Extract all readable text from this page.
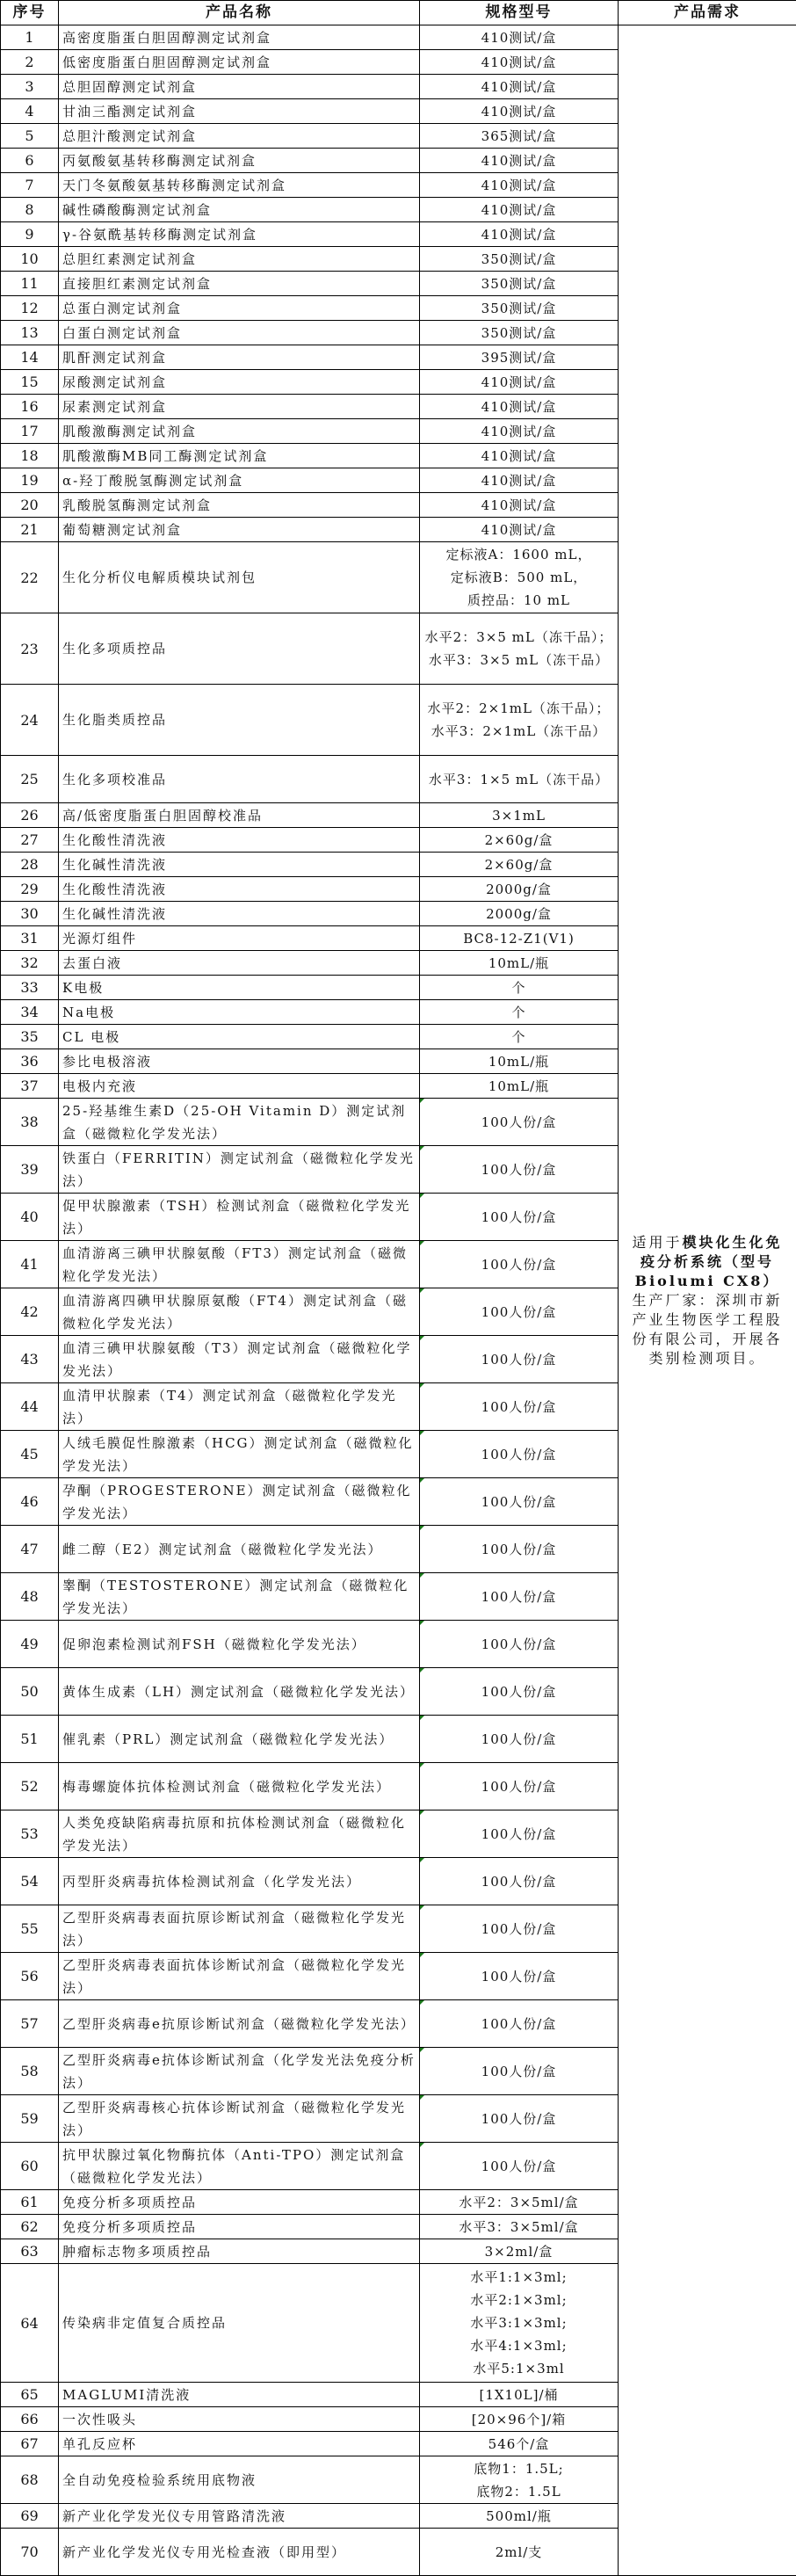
序号	产品名称	规格型号	产品需求
1	高密度脂蛋白胆固醇测定试剂盒	410测试/盒	适用于模块化生化免疫分析系统（型号Biolumi CX8）生产厂家：深圳市新产业生物医学工程股份有限公司，开展各类别检测项目。
2	低密度脂蛋白胆固醇测定试剂盒	410测试/盒	
3	总胆固醇测定试剂盒	410测试/盒	
4	甘油三酯测定试剂盒	410测试/盒	
5	总胆汁酸测定试剂盒	365测试/盒	
6	丙氨酸氨基转移酶测定试剂盒	410测试/盒	
7	天门冬氨酸氨基转移酶测定试剂盒	410测试/盒	
8	碱性磷酸酶测定试剂盒	410测试/盒	
9	γ-谷氨酰基转移酶测定试剂盒	410测试/盒	
10	总胆红素测定试剂盒	350测试/盒	
11	直接胆红素测定试剂盒	350测试/盒	
12	总蛋白测定试剂盒	350测试/盒	
13	白蛋白测定试剂盒	350测试/盒	
14	肌酐测定试剂盒	395测试/盒	
15	尿酸测定试剂盒	410测试/盒	
16	尿素测定试剂盒	410测试/盒	
17	肌酸激酶测定试剂盒	410测试/盒	
18	肌酸激酶MB同工酶测定试剂盒	410测试/盒	
19	α-羟丁酸脱氢酶测定试剂盒	410测试/盒	
20	乳酸脱氢酶测定试剂盒	410测试/盒	
21	葡萄糖测定试剂盒	410测试/盒	
22	生化分析仪电解质模块试剂包	定标液A：1600 mL，
定标液B：500 mL，
质控品：10 mL	
23	生化多项质控品	水平2：3×5 mL（冻干品）；水平3：3×5 mL（冻干品）	
24	生化脂类质控品	水平2：2×1mL（冻干品）；水平3：2×1mL（冻干品）	
25	生化多项校准品	水平3：1×5 mL（冻干品）	
26	高/低密度脂蛋白胆固醇校准品	3×1mL	
27	生化酸性清洗液	2×60g/盒	
28	生化碱性清洗液	2×60g/盒	
29	生化酸性清洗液	2000g/盒	
30	生化碱性清洗液	2000g/盒	
31	光源灯组件	BC8-12-Z1(V1)	
32	去蛋白液	10mL/瓶	
33	K电极	个	
34	Na电极	个	
35	CL 电极	个	
36	参比电极溶液	10mL/瓶	
37	电极内充液	10mL/瓶	
38	25-羟基维生素D（25-OH Vitamin D）测定试剂盒（磁微粒化学发光法）	100人份/盒	
39	铁蛋白（FERRITIN）测定试剂盒（磁微粒化学发光法）	100人份/盒	
40	促甲状腺激素（TSH）检测试剂盒（磁微粒化学发光法）	100人份/盒	
41	血清游离三碘甲状腺氨酸（FT3）测定试剂盒（磁微粒化学发光法）	100人份/盒	
42	血清游离四碘甲状腺原氨酸（FT4）测定试剂盒（磁微粒化学发光法）	100人份/盒	
43	血清三碘甲状腺氨酸（T3）测定试剂盒（磁微粒化学发光法）	100人份/盒	
44	血清甲状腺素（T4）测定试剂盒（磁微粒化学发光法）	100人份/盒	
45	人绒毛膜促性腺激素（HCG）测定试剂盒（磁微粒化学发光法）	100人份/盒	
46	孕酮（PROGESTERONE）测定试剂盒（磁微粒化学发光法）	100人份/盒	
47	雌二醇（E2）测定试剂盒（磁微粒化学发光法）	100人份/盒	
48	睾酮（TESTOSTERONE）测定试剂盒（磁微粒化学发光法）	100人份/盒	
49	促卵泡素检测试剂FSH（磁微粒化学发光法）	100人份/盒	
50	黄体生成素（LH）测定试剂盒（磁微粒化学发光法）	100人份/盒	
51	催乳素（PRL）测定试剂盒（磁微粒化学发光法）	100人份/盒	
52	梅毒螺旋体抗体检测试剂盒（磁微粒化学发光法）	100人份/盒	
53	人类免疫缺陷病毒抗原和抗体检测试剂盒（磁微粒化学发光法）	100人份/盒	
54	丙型肝炎病毒抗体检测试剂盒（化学发光法）	100人份/盒	
55	乙型肝炎病毒表面抗原诊断试剂盒（磁微粒化学发光法）	100人份/盒	
56	乙型肝炎病毒表面抗体诊断试剂盒（磁微粒化学发光法）	100人份/盒	
57	乙型肝炎病毒e抗原诊断试剂盒（磁微粒化学发光法）	100人份/盒	
58	乙型肝炎病毒e抗体诊断试剂盒（化学发光法免疫分析法）	100人份/盒	
59	乙型肝炎病毒核心抗体诊断试剂盒（磁微粒化学发光法）	100人份/盒	
60	抗甲状腺过氧化物酶抗体（Anti-TPO）测定试剂盒（磁微粒化学发光法）	100人份/盒	
61	免疫分析多项质控品	水平2：3×5ml/盒	
62	免疫分析多项质控品	水平3：3×5ml/盒	
63	肿瘤标志物多项质控品	3×2ml/盒	
64	传染病非定值复合质控品	水平1:1×3ml;
水平2:1×3ml;
水平3:1×3ml;
水平4:1×3ml;
水平5:1×3ml	
65	MAGLUMI清洗液	[1X10L]/桶	
66	一次性吸头	[20×96个]/箱	
67	单孔反应杯	546个/盒	
68	全自动免疫检验系统用底物液	底物1：1.5L;
底物2：1.5L	
69	新产业化学发光仪专用管路清洗液	500ml/瓶	
70	新产业化学发光仪专用光检查液（即用型）	2ml/支	
